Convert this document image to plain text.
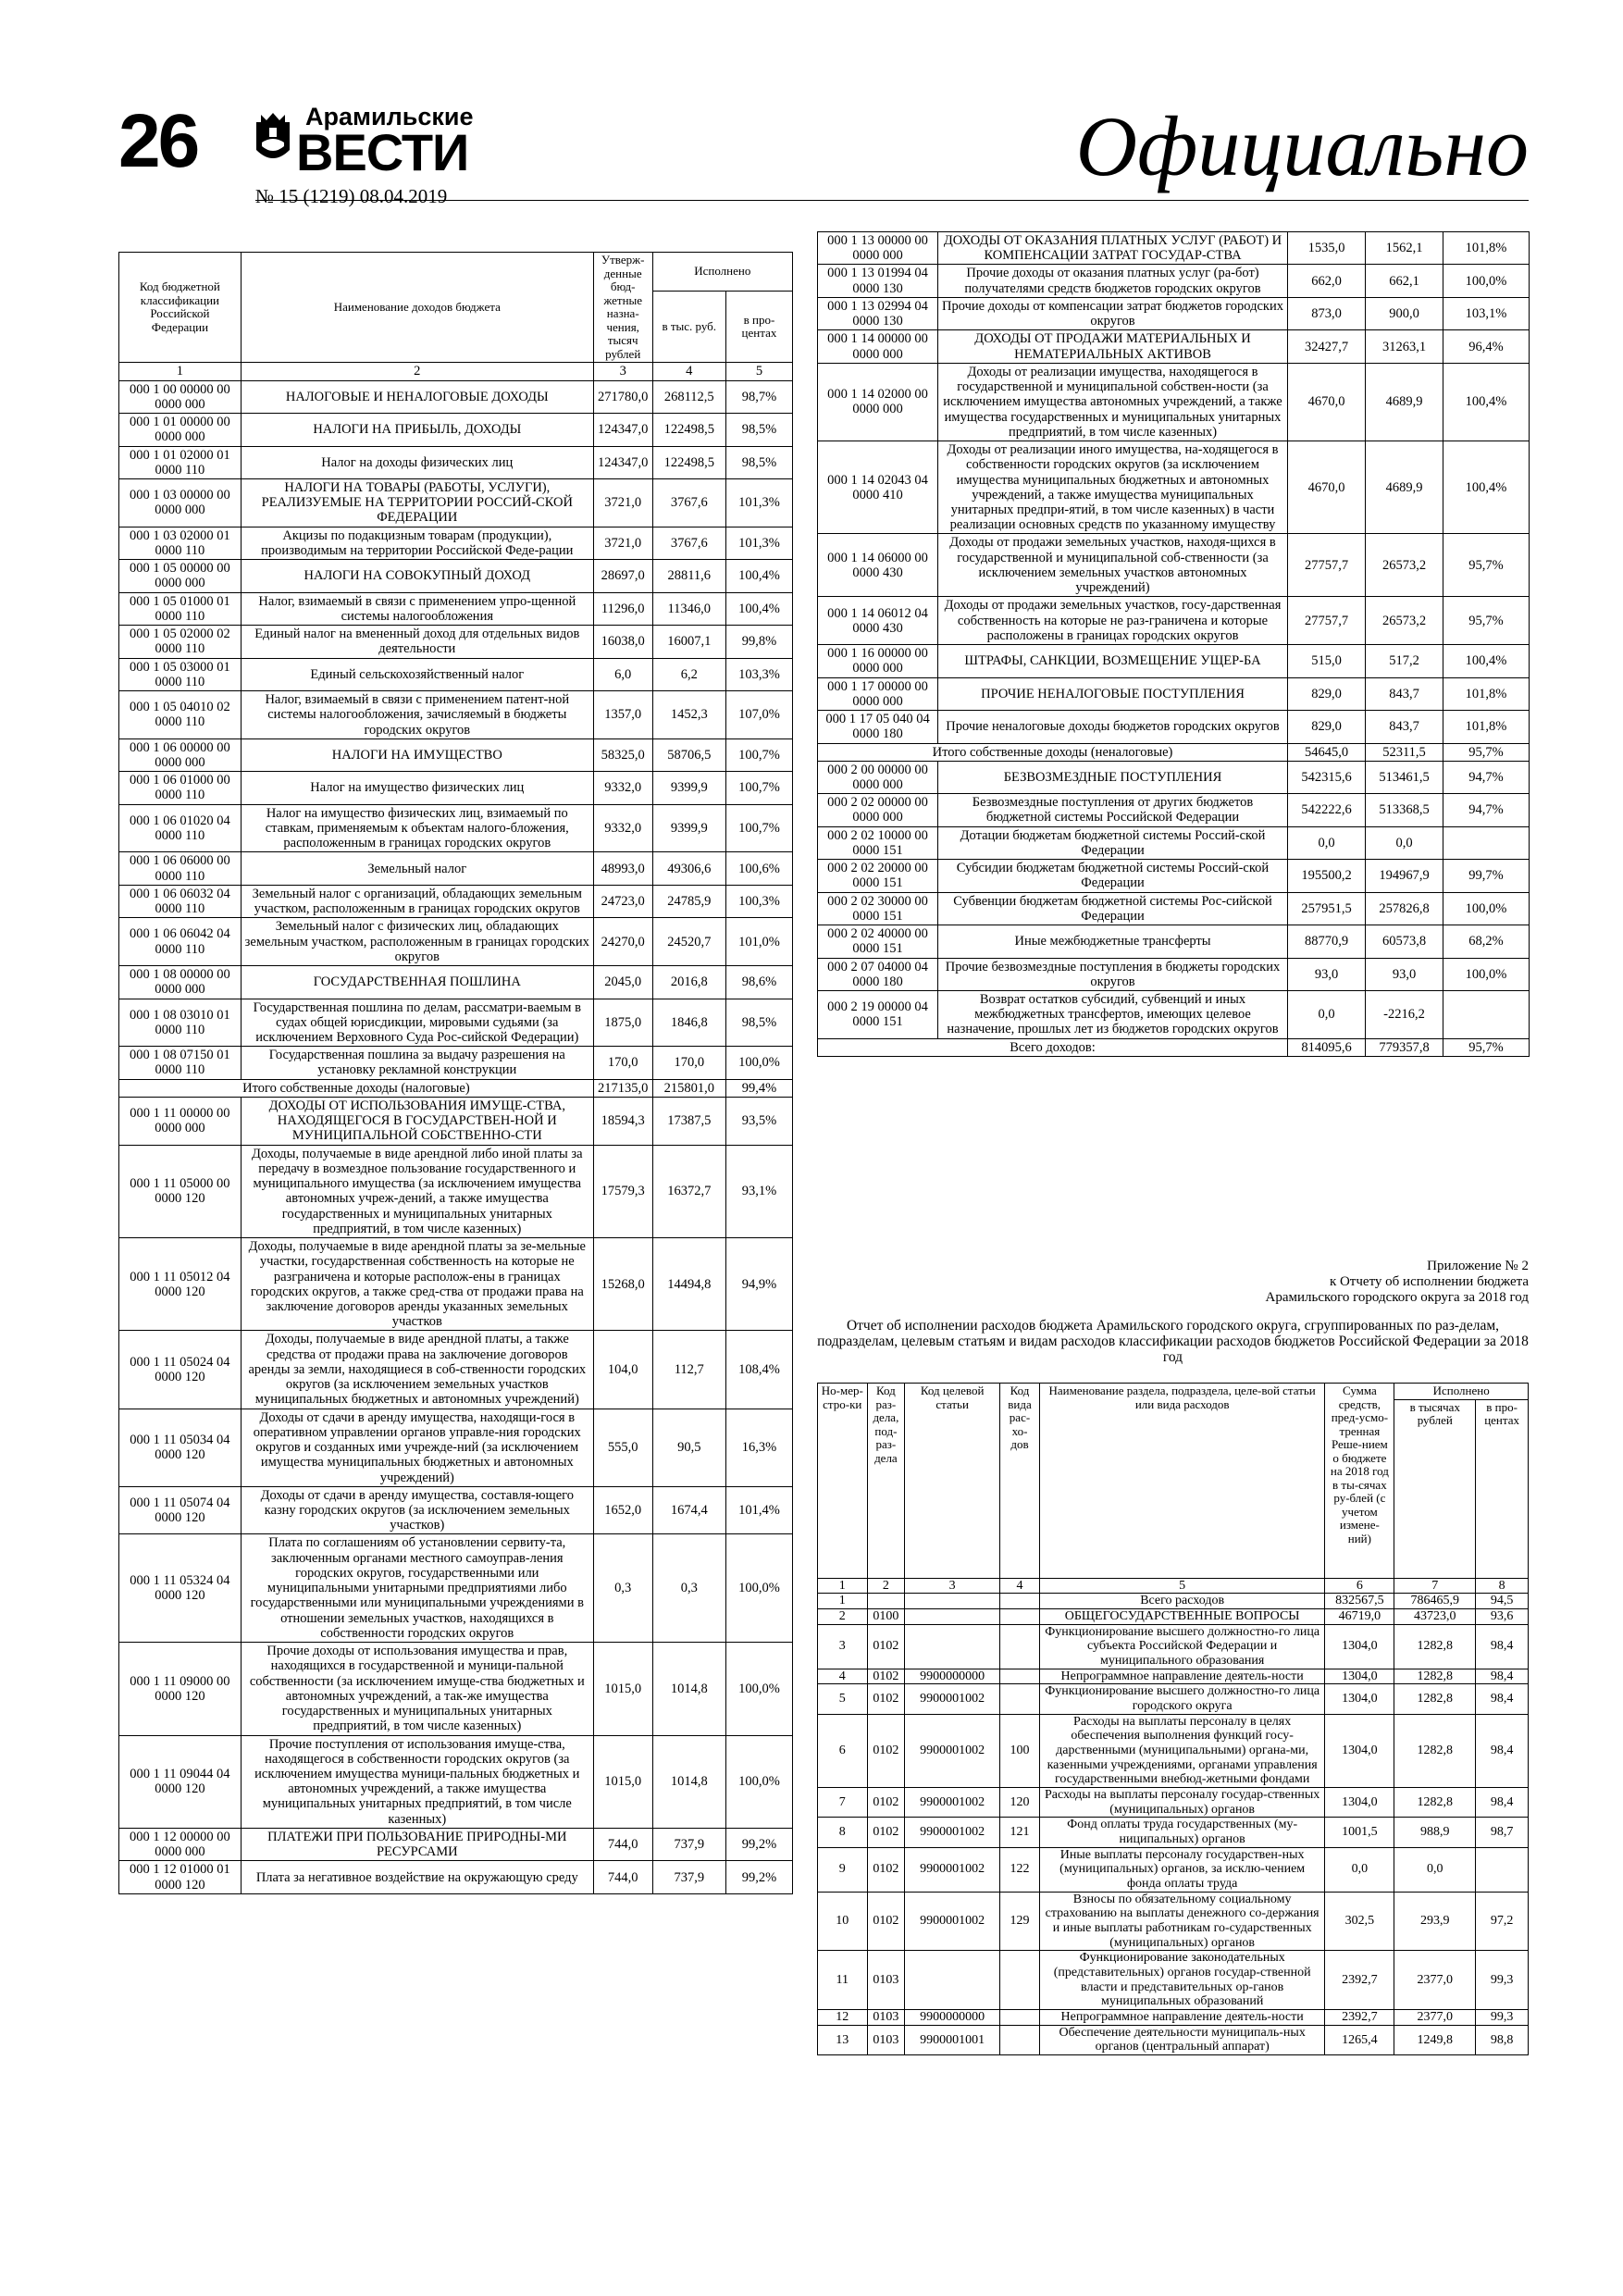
26	Арамильские
ВЕСТИ
№ 15 (1219) 08.04.2019
Официально
Код бюджетной классификации Российской Федерации	Наименование доходов бюджета	Утверж-денные бюд-жетные назна-чения, тысяч рублей	Исполнено	
			в тыс. руб.	в про-центах
1	2	3	4	5
000 1 00 00000 00 0000 000	НАЛОГОВЫЕ И НЕНАЛОГОВЫЕ ДОХОДЫ	271780,0	268112,5	98,7%
000 1 01 00000 00 0000 000	НАЛОГИ НА ПРИБЫЛЬ, ДОХОДЫ	124347,0	122498,5	98,5%
000 1 01 02000 01 0000 110	Налог на доходы физических лиц	124347,0	122498,5	98,5%
000 1 03 00000 00 0000 000	НАЛОГИ НА ТОВАРЫ (РАБОТЫ, УСЛУГИ), РЕАЛИЗУЕМЫЕ НА ТЕРРИТОРИИ РОССИЙ-СКОЙ ФЕДЕРАЦИИ	3721,0	3767,6	101,3%
000 1 03 02000 01 0000 110	Акцизы по подакцизным товарам (продукции), производимым на территории Российской Феде-рации	3721,0	3767,6	101,3%
000 1 05 00000 00 0000 000	НАЛОГИ НА СОВОКУПНЫЙ ДОХОД	28697,0	28811,6	100,4%
000 1 05 01000 01 0000 110	Налог, взимаемый в связи с применением упро-щенной системы налогообложения	11296,0	11346,0	100,4%
000 1 05 02000 02 0000 110	Единый налог на вмененный доход для отдельных видов деятельности	16038,0	16007,1	99,8%
000 1 05 03000 01 0000 110	Единый сельскохозяйственный налог	6,0	6,2	103,3%
000 1 05 04010 02 0000 110	Налог, взимаемый в связи с применением патент-ной системы налогообложения, зачисляемый в бюджеты городских округов	1357,0	1452,3	107,0%
000 1 06 00000 00 0000 000	НАЛОГИ НА ИМУЩЕСТВО	58325,0	58706,5	100,7%
000 1 06 01000 00 0000 110	Налог на имущество физических лиц	9332,0	9399,9	100,7%
000 1 06 01020 04 0000 110	Налог на имущество физических лиц, взимаемый по ставкам, применяемым к объектам налого-бложения, расположенным в границах городских округов	9332,0	9399,9	100,7%
000 1 06 06000 00 0000 110	Земельный налог	48993,0	49306,6	100,6%
000 1 06 06032 04 0000 110	Земельный налог с организаций, обладающих земельным участком, расположенным в границах городских округов	24723,0	24785,9	100,3%
000 1 06 06042 04 0000 110	Земельный налог с физических лиц, обладающих земельным участком, расположенным в границах городских округов	24270,0	24520,7	101,0%
000 1 08 00000 00 0000 000	ГОСУДАРСТВЕННАЯ ПОШЛИНА	2045,0	2016,8	98,6%
000 1 08 03010 01 0000 110	Государственная пошлина по делам, рассматри-ваемым в судах общей юрисдикции, мировыми судьями (за исключением Верховного Суда Рос-сийской Федерации)	1875,0	1846,8	98,5%
000 1 08 07150 01 0000 110	Государственная пошлина за выдачу разрешения на установку рекламной конструкции	170,0	170,0	100,0%
Итого собственные доходы (налоговые)		217135,0	215801,0	99,4%
000 1 11 00000 00 0000 000	ДОХОДЫ ОТ ИСПОЛЬЗОВАНИЯ ИМУЩЕ-СТВА, НАХОДЯЩЕГОСЯ В ГОСУДАРСТВЕН-НОЙ И МУНИЦИПАЛЬНОЙ СОБСТВЕННО-СТИ	18594,3	17387,5	93,5%
000 1 11 05000 00 0000 120	Доходы, получаемые в виде арендной либо иной платы за передачу в возмездное пользование государственного и муниципального имущества (за исключением имущества автономных учреж-дений, а также имущества государственных и муниципальных унитарных предприятий, в том числе казенных)	17579,3	16372,7	93,1%
000 1 11 05012 04 0000 120	Доходы, получаемые в виде арендной платы за зе-мельные участки, государственная собственность на которые не разграничена и которые располож-ены в границах городских округов, а также сред-ства от продажи права на заключение договоров аренды указанных земельных участков	15268,0	14494,8	94,9%
000 1 11 05024 04 0000 120	Доходы, получаемые в виде арендной платы, а также средства от продажи права на заключение договоров аренды за земли, находящиеся в соб-ственности городских округов (за исключением земельных участков муниципальных бюджетных и автономных учреждений)	104,0	112,7	108,4%
000 1 11 05034 04 0000 120	Доходы от сдачи в аренду имущества, находящи-гося в оперативном управлении органов управле-ния городских округов и созданных ими учрежде-ний (за исключением имущества муниципальных бюджетных и автономных учреждений)	555,0	90,5	16,3%
000 1 11 05074 04 0000 120	Доходы от сдачи в аренду имущества, составля-ющего казну городских округов (за исключением земельных участков)	1652,0	1674,4	101,4%
000 1 11 05324 04 0000 120	Плата по соглашениям об установлении сервиту-та, заключенным органами местного самоуправ-ления городских округов, государственными или муниципальными унитарными предприятиями либо государственными или муниципальными учреждениями в отношении земельных участков, находящихся в собственности городских округов	0,3	0,3	100,0%
000 1 11 09000 00 0000 120	Прочие доходы от использования имущества и прав, находящихся в государственной и муници-пальной собственности (за исключением имуще-ства бюджетных и автономных учреждений, а так-же имущества государственных и муниципальных унитарных предприятий, в том числе казенных)	1015,0	1014,8	100,0%
000 1 11 09044 04 0000 120	Прочие поступления от использования имуще-ства, находящегося в собственности городских округов (за исключением имущества муници-пальных бюджетных и автономных учреждений, а также имущества муниципальных унитарных предприятий, в том числе казенных)	1015,0	1014,8	100,0%
000 1 12 00000 00 0000 000	ПЛАТЕЖИ ПРИ ПОЛЬЗОВАНИЕ ПРИРОДНЫ-МИ РЕСУРСАМИ	744,0	737,9	99,2%
000 1 12 01000 01 0000 120	Плата за негативное воздействие на окружающую среду	744,0	737,9	99,2%
000 1 13 00000 00 0000 000	ДОХОДЫ ОТ ОКАЗАНИЯ ПЛАТНЫХ УСЛУГ (РАБОТ) И КОМПЕНСАЦИИ ЗАТРАТ ГОСУДАР-СТВА	1535,0	1562,1	101,8%
000 1 13 01994 04 0000 130	Прочие доходы от оказания платных услуг (ра-бот) получателями средств бюджетов городских округов	662,0	662,1	100,0%
000 1 13 02994 04 0000 130	Прочие доходы от компенсации затрат бюджетов городских округов	873,0	900,0	103,1%
000 1 14 00000 00 0000 000	ДОХОДЫ ОТ ПРОДАЖИ МАТЕРИАЛЬНЫХ И НЕМАТЕРИАЛЬНЫХ АКТИВОВ	32427,7	31263,1	96,4%
000 1 14 02000 00 0000 000	Доходы от реализации имущества, находящегося в государственной и муниципальной собствен-ности (за исключением имущества автономных учреждений, а также имущества государственных и муниципальных унитарных предприятий, в том числе казенных)	4670,0	4689,9	100,4%
000 1 14 02043 04 0000 410	Доходы от реализации иного имущества, на-ходящегося в собственности городских округов (за исключением имущества муниципальных бюджетных и автономных учреждений, а также имущества муниципальных унитарных предпри-ятий, в том числе казенных) в части реализации основных средств по указанному имуществу	4670,0	4689,9	100,4%
000 1 14 06000 00 0000 430	Доходы от продажи земельных участков, находя-щихся в государственной и муниципальной соб-ственности (за исключением земельных участков автономных учреждений)	27757,7	26573,2	95,7%
000 1 14 06012 04 0000 430	Доходы от продажи земельных участков, госу-дарственная собственность на которые не раз-граничена и которые расположены в границах городских округов	27757,7	26573,2	95,7%
000 1 16 00000 00 0000 000	ШТРАФЫ, САНКЦИИ, ВОЗМЕЩЕНИЕ УЩЕР-БА	515,0	517,2	100,4%
000 1 17 00000 00 0000 000	ПРОЧИЕ НЕНАЛОГОВЫЕ ПОСТУПЛЕНИЯ	829,0	843,7	101,8%
000 1 17 05 040 04 0000 180	Прочие неналоговые доходы бюджетов городских округов	829,0	843,7	101,8%
Итого собственные доходы (неналоговые)		54645,0	52311,5	95,7%
000 2 00 00000 00 0000 000	БЕЗВОЗМЕЗДНЫЕ ПОСТУПЛЕНИЯ	542315,6	513461,5	94,7%
000 2 02 00000 00 0000 000	Безвозмездные поступления от других бюджетов бюджетной системы Российской Федерации	542222,6	513368,5	94,7%
000 2 02 10000 00 0000 151	Дотации бюджетам бюджетной системы Россий-ской Федерации	0,0	0,0	
000 2 02 20000 00 0000 151	Субсидии бюджетам бюджетной системы Россий-ской Федерации	195500,2	194967,9	99,7%
000 2 02 30000 00 0000 151	Субвенции бюджетам бюджетной системы Рос-сийской Федерации	257951,5	257826,8	100,0%
000 2 02 40000 00 0000 151	Иные межбюджетные трансферты	88770,9	60573,8	68,2%
000 2 07 04000 04 0000 180	Прочие безвозмездные поступления в бюджеты городских округов	93,0	93,0	100,0%
000 2 19 00000 04 0000 151	Возврат остатков субсидий, субвенций и иных межбюджетных трансфертов, имеющих целевое назначение, прошлых лет из бюджетов городских округов	0,0	-2216,2	
Всего доходов:		814095,6	779357,8	95,7%
Приложение № 2
к Отчету об исполнении бюджета
Арамильского городского округа за 2018 год
Отчет об исполнении расходов бюджета Арамильского городского округа, сгруппированных по раз-делам, подразделам, целевым статьям и видам расходов классификации расходов бюджетов Российской Федерации за 2018 год
Но-мер-стро-ки	Код раз-дела, под-раз-дела	Код целевой статьи	Код вида рас-хо-дов	Наименование раздела, подраздела, целе-вой статьи или вида расходов	Сумма средств, пред-усмо-тренная Реше-нием о бюджете на 2018 год в ты-сячах ру-блей (с учетом измене-ний)	Исполнено	
						в тысячах рублей	в про-центах
1	2	3	4	5	6	7	8
1				Всего расходов	832567,5	786465,9	94,5
2	0100			ОБЩЕГОСУДАРСТВЕННЫЕ ВОПРОСЫ	46719,0	43723,0	93,6
3	0102			Функционирование высшего должностно-го лица субъекта Российской Федерации и муниципального образования	1304,0	1282,8	98,4
4	0102	9900000000		Непрограммное направление деятель-ности	1304,0	1282,8	98,4
5	0102	9900001002		Функционирование высшего должностно-го лица городского округа	1304,0	1282,8	98,4
6	0102	9900001002	100	Расходы на выплаты персоналу в целях обеспечения выполнения функций госу-дарственными (муниципальными) органа-ми, казенными учреждениями, органами управления государственными внебюд-жетными фондами	1304,0	1282,8	98,4
7	0102	9900001002	120	Расходы на выплаты персоналу государ-ственных (муниципальных) органов	1304,0	1282,8	98,4
8	0102	9900001002	121	Фонд оплаты труда государственных (му-ниципальных) органов	1001,5	988,9	98,7
9	0102	9900001002	122	Иные выплаты персоналу государствен-ных (муниципальных) органов, за исклю-чением фонда оплаты труда	0,0	0,0	
10	0102	9900001002	129	Взносы по обязательному социальному страхованию на выплаты денежного со-держания и иные выплаты работникам го-сударственных (муниципальных) органов	302,5	293,9	97,2
11	0103			Функционирование законодательных (представительных) органов государ-ственной власти и представительных ор-ганов муниципальных образований	2392,7	2377,0	99,3
12	0103	9900000000		Непрограммное направление деятель-ности	2392,7	2377,0	99,3
13	0103	9900001001		Обеспечение деятельности муниципаль-ных органов (центральный аппарат)	1265,4	1249,8	98,8
